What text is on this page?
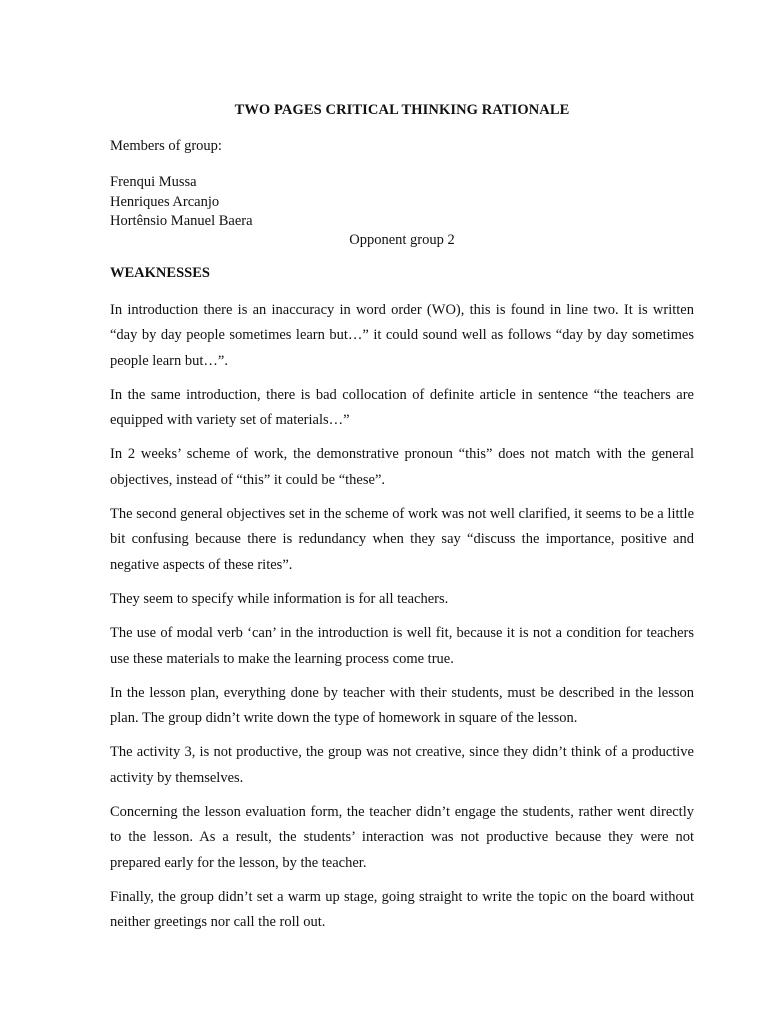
TWO PAGES CRITICAL THINKING RATIONALE
Members of group:
Frenqui Mussa
Henriques Arcanjo
Hortênsio Manuel Baera
Opponent group 2
WEAKNESSES

In introduction there is an inaccuracy in word order (WO), this is found in line two. It is written “day by day people sometimes learn but…” it could sound well as follows “day by day sometimes people learn but…”.

In the same introduction, there is bad collocation of definite article in sentence “the teachers are equipped with variety set of materials…”

In 2 weeks’ scheme of work, the demonstrative pronoun “this” does not match with the general objectives, instead of “this” it could be “these”.

The second general objectives set in the scheme of work was not well clarified, it seems to be a little bit confusing because there is redundancy when they say “discuss the importance, positive and negative aspects of these rites”.

They seem to specify while information is for all teachers.

The use of modal verb ‘can’ in the introduction is well fit, because it is not a condition for teachers use these materials to make the learning process come true.

In the lesson plan, everything done by teacher with their students, must be described in the lesson plan. The group didn’t write down the type of homework in square of the lesson.

The activity 3, is not productive, the group was not creative, since they didn’t think of a productive activity by themselves.

Concerning the lesson evaluation form, the teacher didn’t engage the students, rather went directly to the lesson. As a result, the students’ interaction was not productive because they were not prepared early for the lesson, by the teacher.

Finally, the group didn’t set a warm up stage, going straight to write the topic on the board without neither greetings nor call the roll out.
